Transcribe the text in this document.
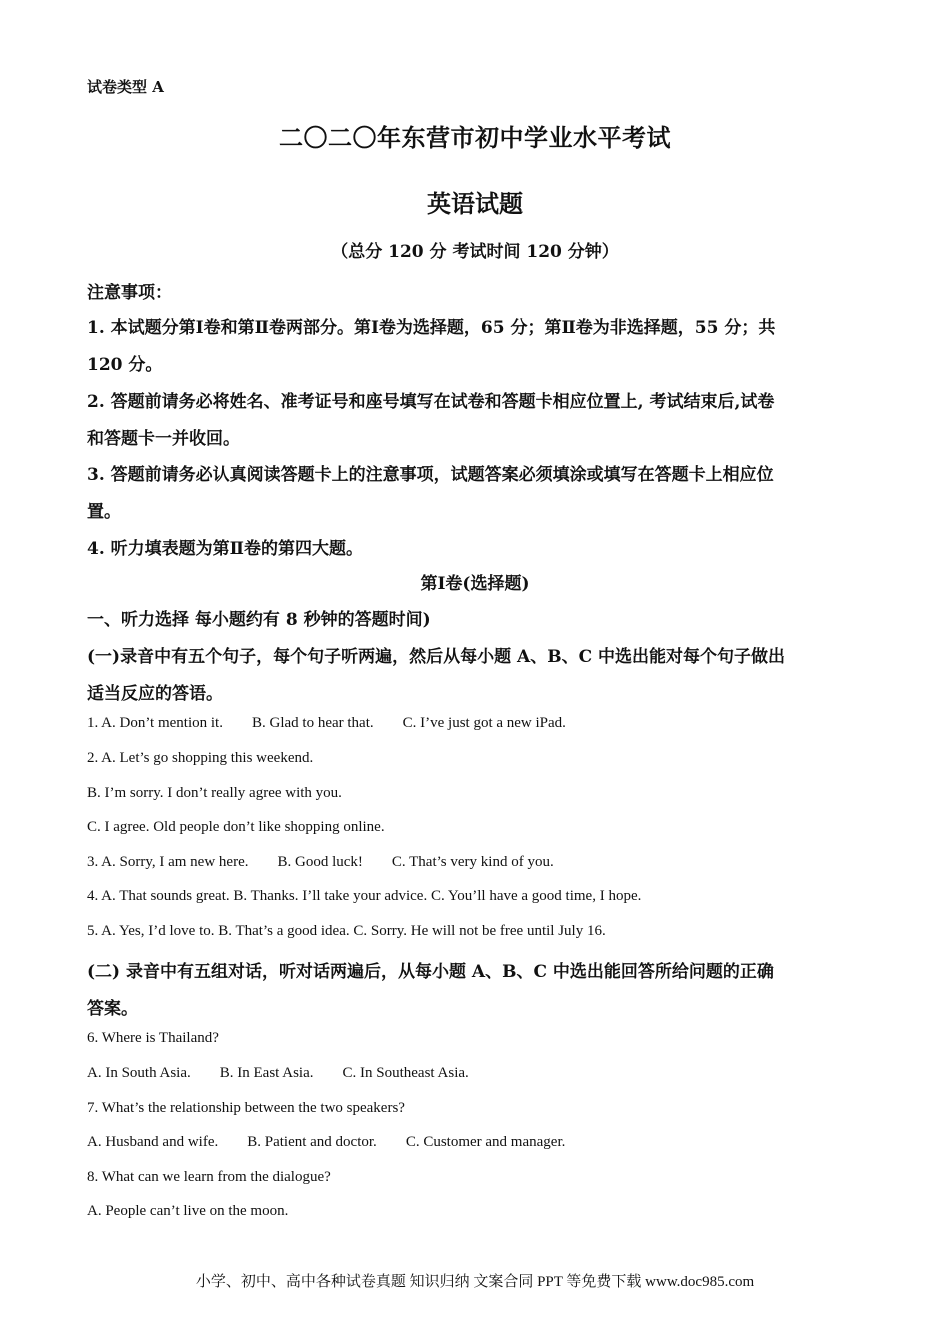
试卷类型 A
二〇二〇年东营市初中学业水平考试
英语试题
（总分 120 分 考试时间 120 分钟）
注意事项：
1. 本试题分第Ⅰ卷和第Ⅱ卷两部分。第Ⅰ卷为选择题，65 分；第Ⅱ卷为非选择题，55 分；共
120 分。
2. 答题前请务必将姓名、准考证号和座号填写在试卷和答题卡相应位置上, 考试结束后,试卷
和答题卡一并收回。
3. 答题前请务必认真阅读答题卡上的注意事项，试题答案必须填涂或填写在答题卡上相应位
置。
4. 听力填表题为第Ⅱ卷的第四大题。
第Ⅰ卷(选择题)
一、听力选择 每小题约有 8 秒钟的答题时间)
(一)录音中有五个句子，每个句子听两遍，然后从每小题 A、B、C 中选出能对每个句子做出
适当反应的答语。
1. A. Don’t mention it. B. Glad to hear that. C. I’ve just got a new iPad.
2. A. Let’s go shopping this weekend.
B. I’m sorry. I don’t really agree with you.
C. I agree. Old people don’t like shopping online.
3. A. Sorry, I am new here. B. Good luck! C. That’s very kind of you.
4. A. That sounds great. B. Thanks. I’ll take your advice. C. You’ll have a good time, I hope.
5. A. Yes, I’d love to. B. That’s a good idea. C. Sorry. He will not be free until July 16.
(二) 录音中有五组对话，听对话两遍后，从每小题 A、B、C 中选出能回答所给问题的正确
答案。
6. Where is Thailand?
A. In South Asia. B. In East Asia. C. In Southeast Asia.
7. What’s the relationship between the two speakers?
A. Husband and wife. B. Patient and doctor. C. Customer and manager.
8. What can we learn from the dialogue?
A. People can’t live on the moon.
小学、初中、高中各种试卷真题 知识归纳 文案合同 PPT 等免费下载 www.doc985.com
